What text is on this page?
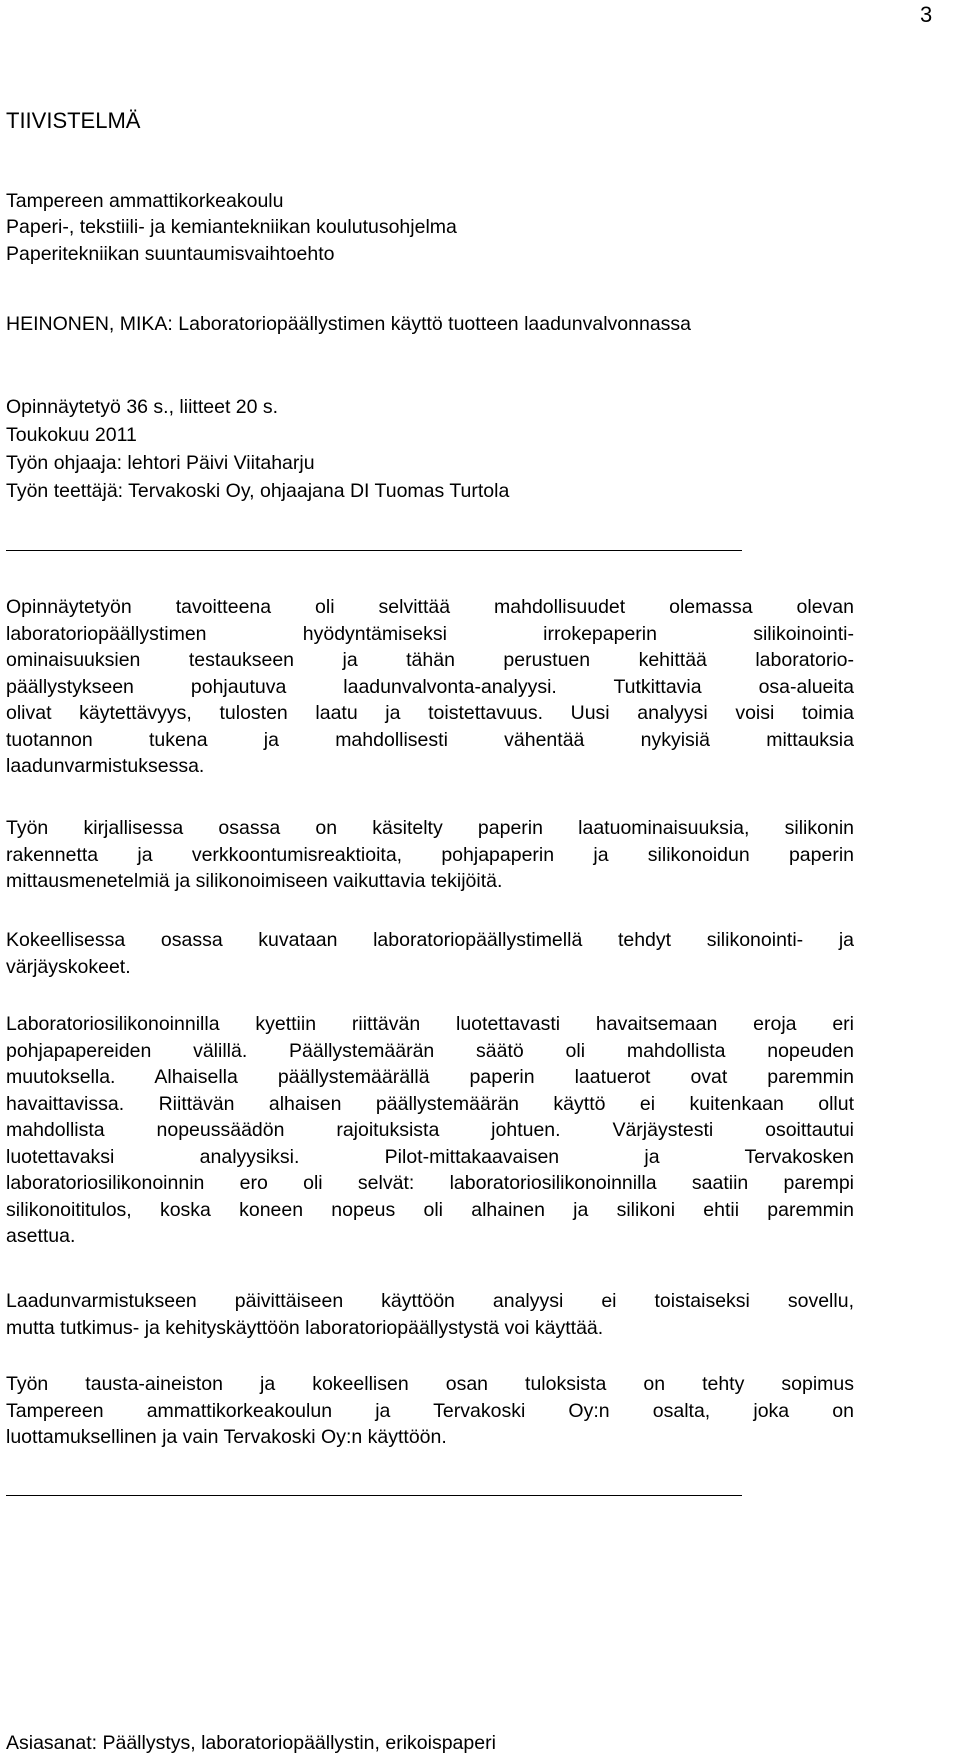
3
TIIVISTELMÄ
Tampereen ammattikorkeakoulu
Paperi-, tekstiili- ja kemiantekniikan koulutusohjelma
Paperitekniikan suuntaumisvaihtoehto
HEINONEN, MIKA: Laboratoriopäällystimen käyttö tuotteen laadunvalvonnassa
Opinnäytetyö 36 s., liitteet 20 s.
Toukokuu 2011
Työn ohjaaja: lehtori Päivi Viitaharju
Työn teettäjä: Tervakoski Oy, ohjaajana DI Tuomas Turtola
Opinnäytetyön tavoitteena oli selvittää mahdollisuudet olemassa olevan
laboratoriopäällystimen hyödyntämiseksi irrokepaperin silikoinointi-
ominaisuuksien testaukseen ja tähän perustuen kehittää laboratorio-
päällystykseen pohjautuva laadunvalvonta-analyysi. Tutkittavia osa-alueita
olivat käytettävyys, tulosten laatu ja toistettavuus. Uusi analyysi voisi toimia
tuotannon tukena ja mahdollisesti vähentää nykyisiä mittauksia
laadunvarmistuksessa.
Työn kirjallisessa osassa on käsitelty paperin laatuominaisuuksia, silikonin
rakennetta ja verkkoontumisreaktioita, pohjapaperin ja silikonoidun paperin
mittausmenetelmiä ja silikonoimiseen vaikuttavia tekijöitä.
Kokeellisessa osassa kuvataan laboratoriopäällystimellä tehdyt silikonointi- ja
värjäyskokeet.
Laboratoriosilikonoinnilla kyettiin riittävän luotettavasti havaitsemaan eroja eri
pohjapapereiden välillä. Päällystemäärän säätö oli mahdollista nopeuden
muutoksella. Alhaisella päällystemäärällä paperin laatuerot ovat paremmin
havaittavissa. Riittävän alhaisen päällystemäärän käyttö ei kuitenkaan ollut
mahdollista nopeussäädön rajoituksista johtuen. Värjäystesti osoittautui
luotettavaksi analyysiksi. Pilot-mittakaavaisen ja Tervakosken
laboratoriosilikonoinnin ero oli selvät: laboratoriosilikonoinnilla saatiin parempi
silikonoititulos, koska koneen nopeus oli alhainen ja silikoni ehtii paremmin
asettua.
Laadunvarmistukseen päivittäiseen käyttöön analyysi ei toistaiseksi sovellu,
mutta tutkimus- ja kehityskäyttöön laboratoriopäällystystä voi käyttää.
Työn tausta-aineiston ja kokeellisen osan tuloksista on tehty sopimus
Tampereen ammattikorkeakoulun ja Tervakoski Oy:n osalta, joka on
luottamuksellinen ja vain Tervakoski Oy:n käyttöön.
Asiasanat: Päällystys, laboratoriopäällystin, erikoispaperi
